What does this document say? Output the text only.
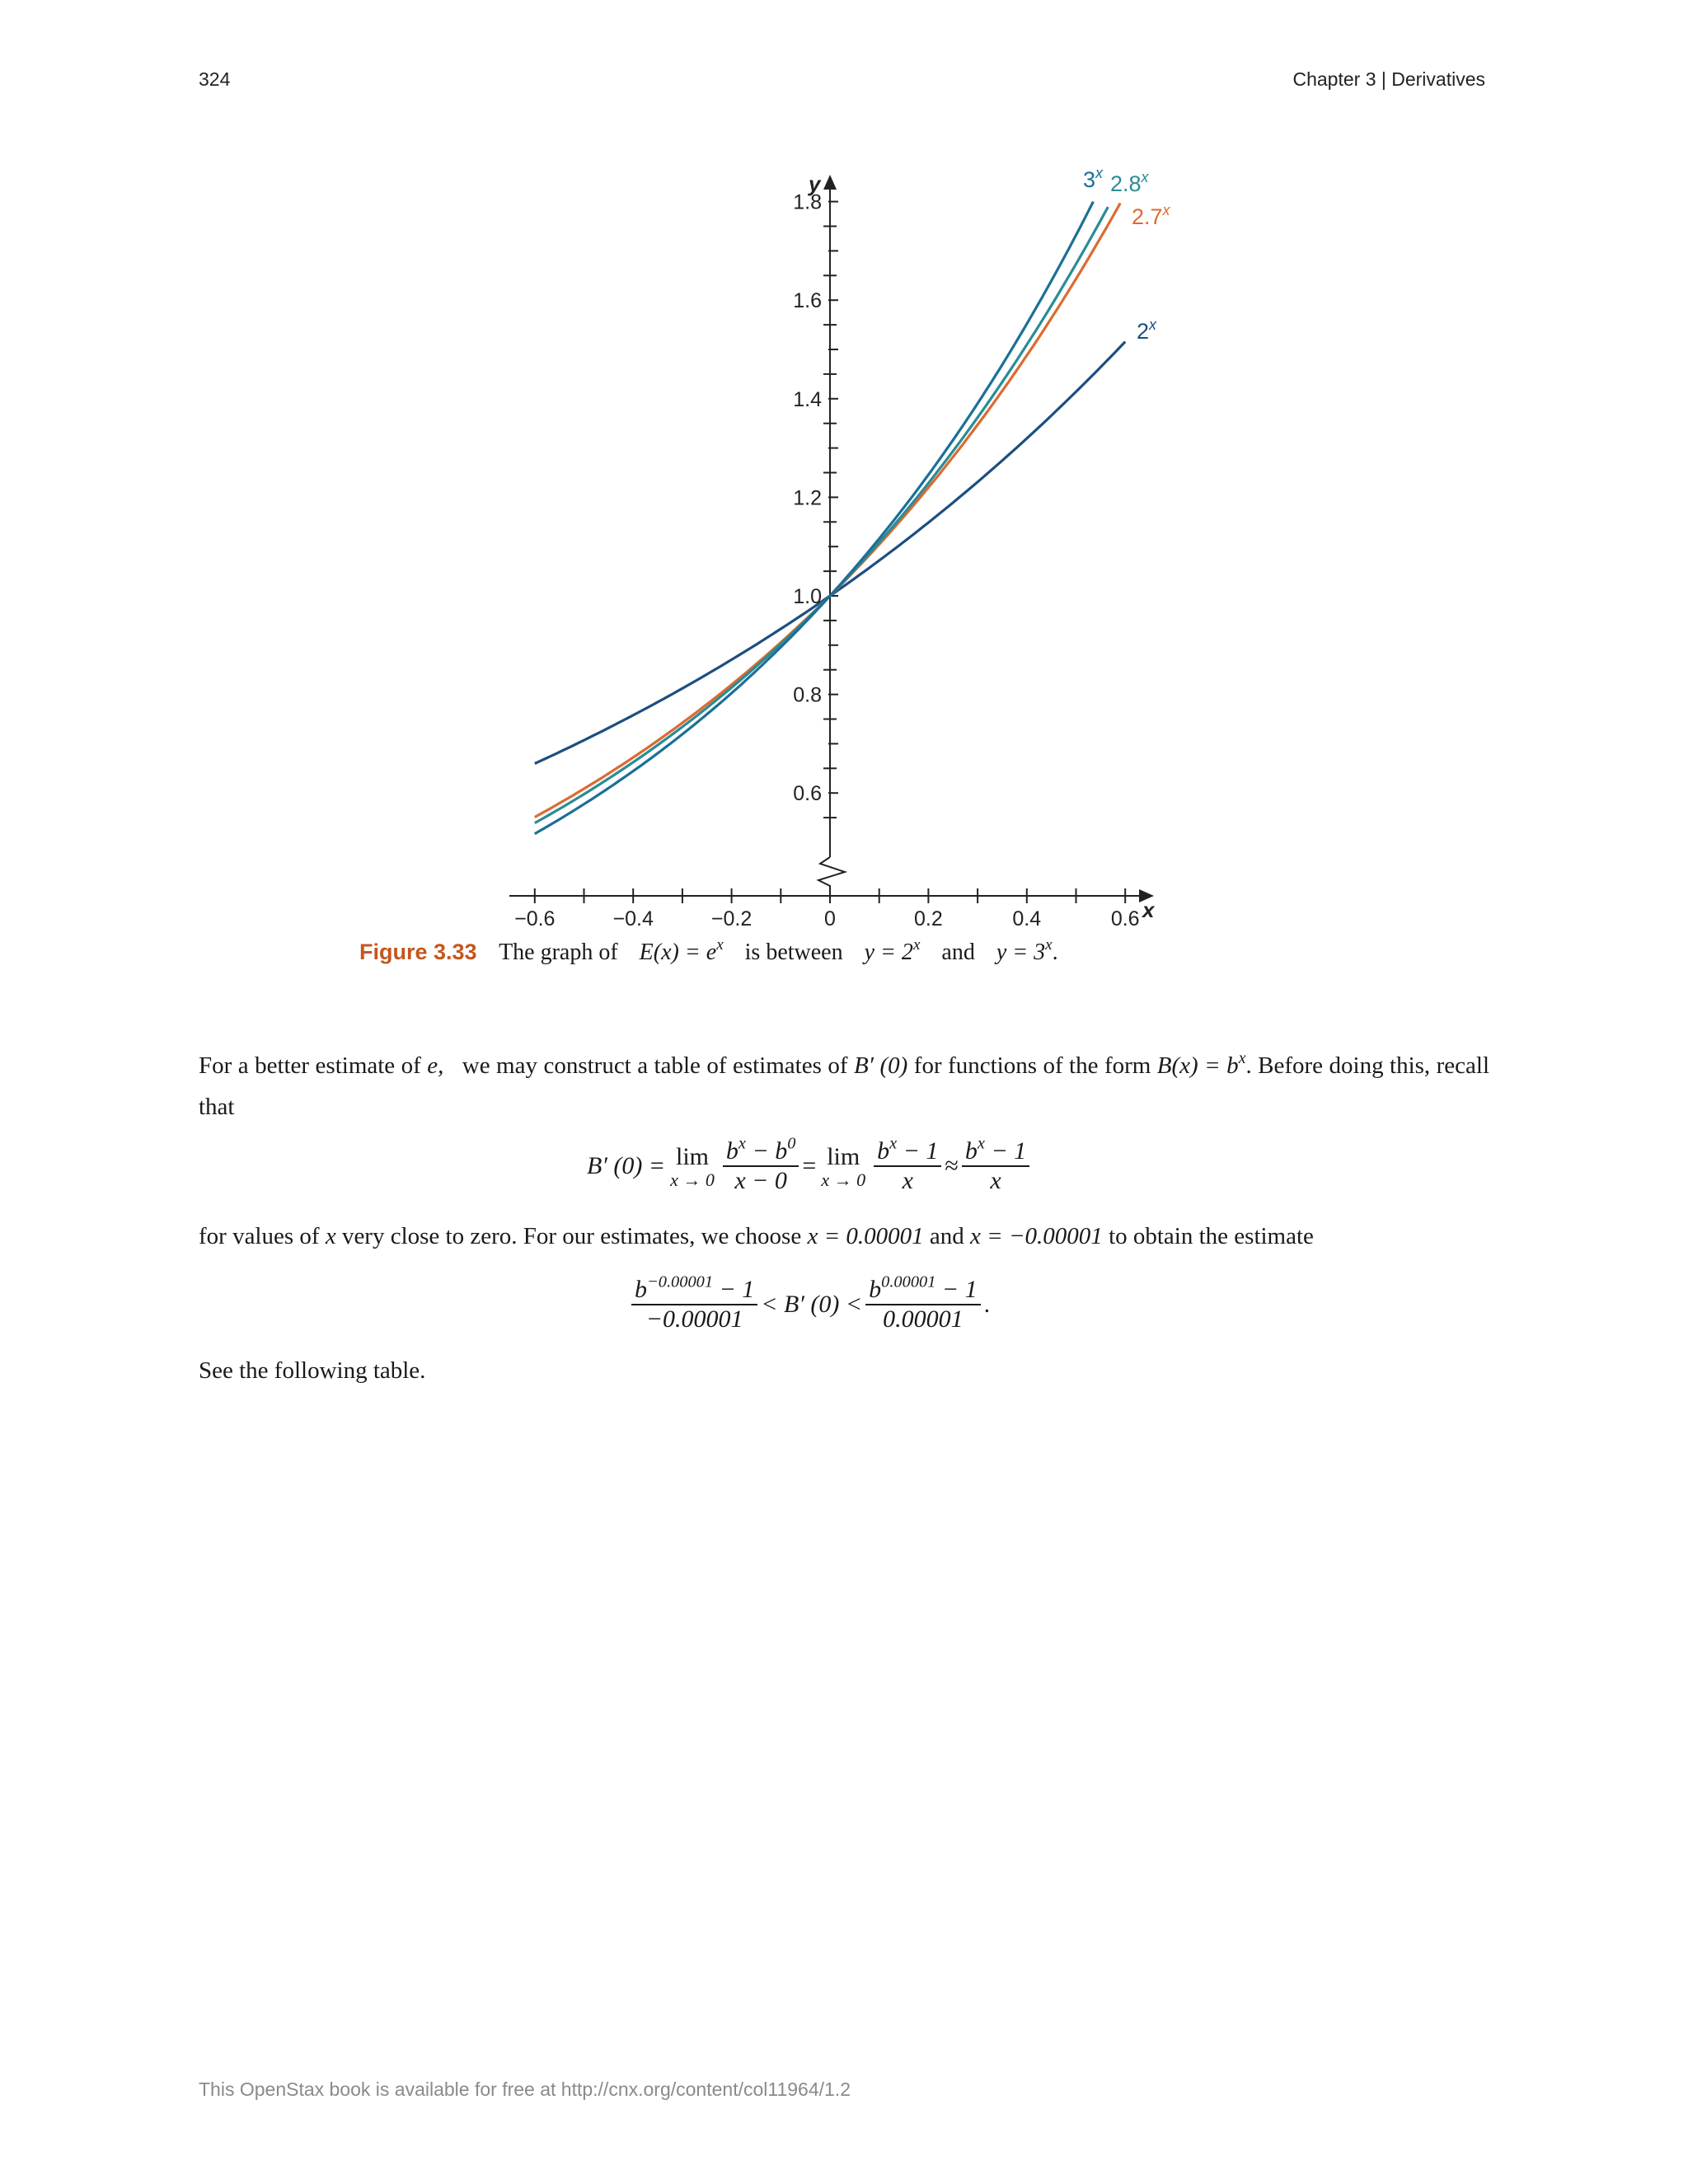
324	Chapter 3 | Derivatives
−0.6	−0.4	−0.2	0	0.2	0.4	0.6 x
0.6
0.8
1.0
1.2
1.4
1.6
1.8
y
2$^x$
2.7$^x$
2.8$^x$
3$^x$
Figure 3.33 The graph of $E(x) = e^x$ is between $y = 2^x$ and $y = 3^x$.
For a better estimate of e, we may construct a table of estimates of B′ (0) for functions of the form $B(x) = b^x$. Before doing this, recall that
B′ (0) = lim
$x \to 0 \frac{b^x - b^0}{x - 0} = \lim$
$x \to 0 \frac{b^x - 1}{x} \approx \frac{b^x - 1}{x}$
for values of x very close to zero. For our estimates, we choose x = 0.00001 and x = −0.00001 to obtain the estimate
$\frac{b^{-0.00001} - 1}{-0.00001} < B'$ $(0) < \frac{b^{0.00001} - 1}{0.00001}$ .
See the following table.
This OpenStax book is available for free at http://cnx.org/content/col11964/1.2
